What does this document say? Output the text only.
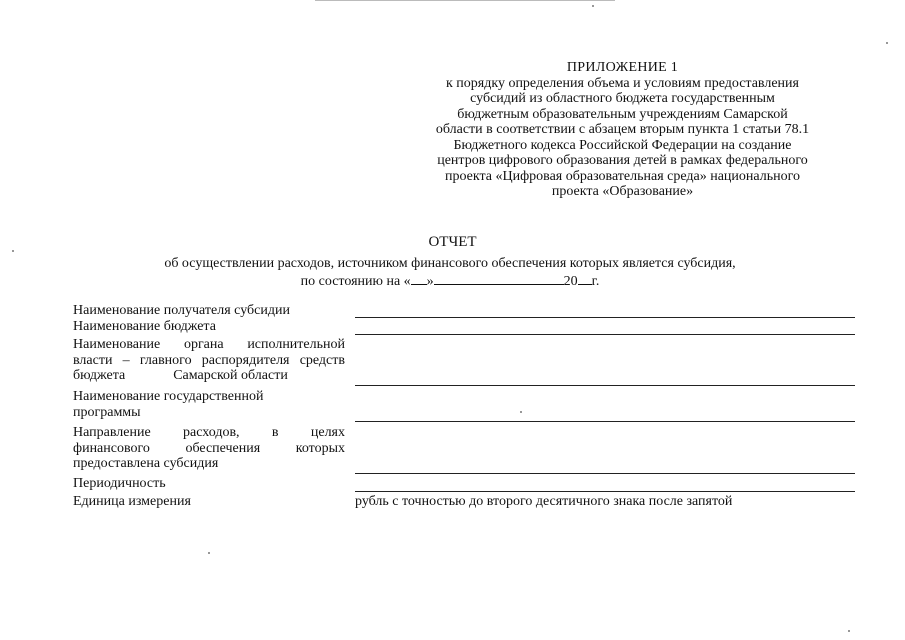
ПРИЛОЖЕНИЕ 1
к порядку определения объема и условиям предоставления
субсидий из областного бюджета государственным
бюджетным образовательным учреждениям Самарской
области в соответствии с абзацем вторым пункта 1 статьи 78.1
Бюджетного кодекса Российской Федерации на создание
центров цифрового образования детей в рамках федерального
проекта «Цифровая образовательная среда» национального
проекта «Образование»
ОТЧЕТ
об осуществлении расходов, источником финансового обеспечения которых является субсидия,
по состоянию на « »	20 г.
Наименование получателя субсидии
Наименование бюджета
Наименование органа исполнительной
власти – главного распорядителя средств
бюджета	Самарской области
Наименование государственной
программы
Направление расходов, в целях
финансового обеспечения которых
предоставлена субсидия
Периодичность
Единица измерения	рубль с точностью до второго десятичного знака после запятой
